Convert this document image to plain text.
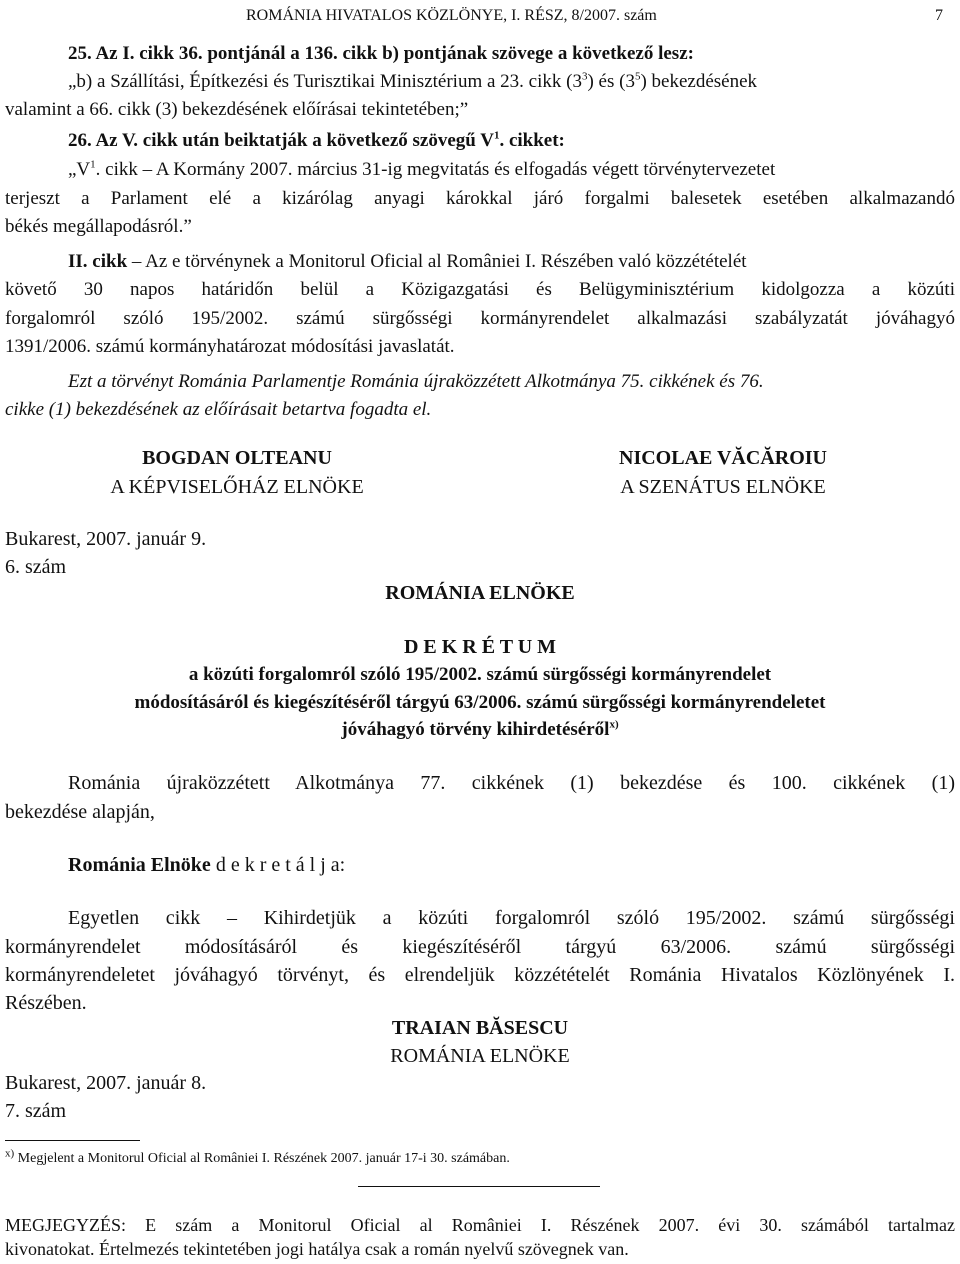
ROMÁNIA HIVATALOS KÖZLÖNYE, I. RÉSZ, 8/2007. szám	7
25. Az I. cikk 36. pontjánál a 136. cikk b) pontjának szövege a következő lesz:
„b) a Szállítási, Építkezési és Turisztikai Minisztérium a 23. cikk $(3^3)$ és $(3^5)$ bekezdésének
valamint a 66. cikk (3) bekezdésének előírásai tekintetében;”
26. Az V. cikk után beiktatják a következő szövegű $V^1$. cikket:
$„V^1$. cikk – A Kormány 2007. március 31-ig megvitatás és elfogadás végett törvénytervezetet
terjeszt a Parlament elé a kizárólag anyagi károkkal járó forgalmi balesetek esetében alkalmazandó
békés megállapodásról.”
II. cikk – Az e törvénynek a Monitorul Oficial al României I. Részében való közzétételét
követő 30 napos határidőn belül a Közigazgatási és Belügyminisztérium kidolgozza a közúti
forgalomról szóló 195/2002. számú sürgősségi kormányrendelet alkalmazási szabályzatát jóváhagyó
1391/2006. számú kormányhatározat módosítási javaslatát.
Ezt a törvényt Románia Parlamentje Románia újraközzétett Alkotmánya 75. cikkének és 76.
cikke (1) bekezdésének az előírásait betartva fogadta el.
BOGDAN OLTEANU
A KÉPVISELŐHÁZ ELNÖKE
NICOLAE VĂCĂROIU
A SZENÁTUS ELNÖKE
Bukarest, 2007. január 9.
6. szám
ROMÁNIA ELNÖKE
D E K R É T U M
a közúti forgalomról szóló 195/2002. számú sürgősségi kormányrendelet
módosításáról és kiegészítéséről tárgyú 63/2006. számú sürgősségi kormányrendeletet
jóváhagyó törvény kihirdetéséről$^{x)}$
Románia újraközzétett Alkotmánya 77. cikkének (1) bekezdése és 100. cikkének (1)
bekezdése alapján,
Románia Elnöke d e k r e t á l j a:
Egyetlen cikk – Kihirdetjük a közúti forgalomról szóló 195/2002. számú sürgősségi
kormányrendelet módosításáról és kiegészítéséről tárgyú 63/2006. számú sürgősségi
kormányrendeletet jóváhagyó törvényt, és elrendeljük közzétételét Románia Hivatalos Közlönyének I.
Részében.
TRAIAN BĂSESCU
ROMÁNIA ELNÖKE
Bukarest, 2007. január 8.
7. szám
$^{x)}$ Megjelent a Monitorul Oficial al României I. Részének 2007. január 17-i 30. számában.
MEGJEGYZÉS: E szám a Monitorul Oficial al României I. Részének 2007. évi 30. számából tartalmaz
kivonatokat. Értelmezés tekintetében jogi hatálya csak a román nyelvű szövegnek van.
